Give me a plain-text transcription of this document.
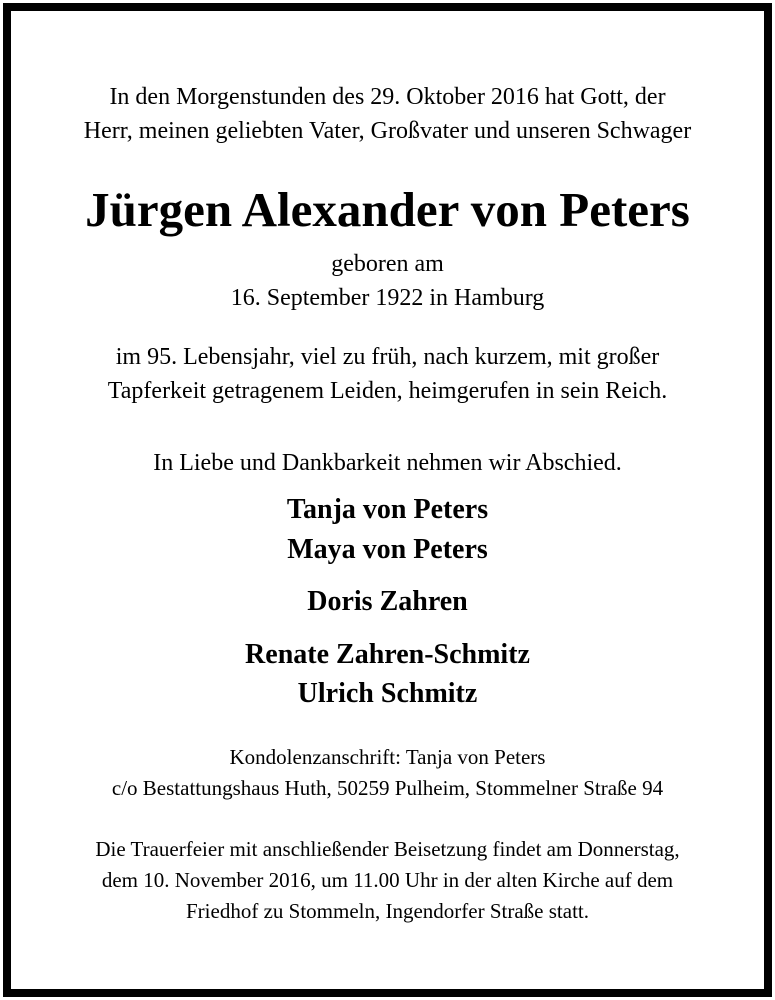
In den Morgenstunden des 29. Oktober 2016 hat Gott, der
Herr, meinen geliebten Vater, Großvater und unseren Schwager
Jürgen Alexander von Peters
geboren am
16. September 1922 in Hamburg
im 95. Lebensjahr, viel zu früh, nach kurzem, mit großer
Tapferkeit getragenem Leiden, heimgerufen in sein Reich.
In Liebe und Dankbarkeit nehmen wir Abschied.
Tanja von Peters
Maya von Peters
Doris Zahren
Renate Zahren-Schmitz
Ulrich Schmitz
Kondolenzanschrift: Tanja von Peters
c/o Bestattungshaus Huth, 50259 Pulheim, Stommelner Straße 94
Die Trauerfeier mit anschließender Beisetzung findet am Donnerstag,
dem 10. November 2016, um 11.00 Uhr in der alten Kirche auf dem
Friedhof zu Stommeln, Ingendorfer Straße statt.
